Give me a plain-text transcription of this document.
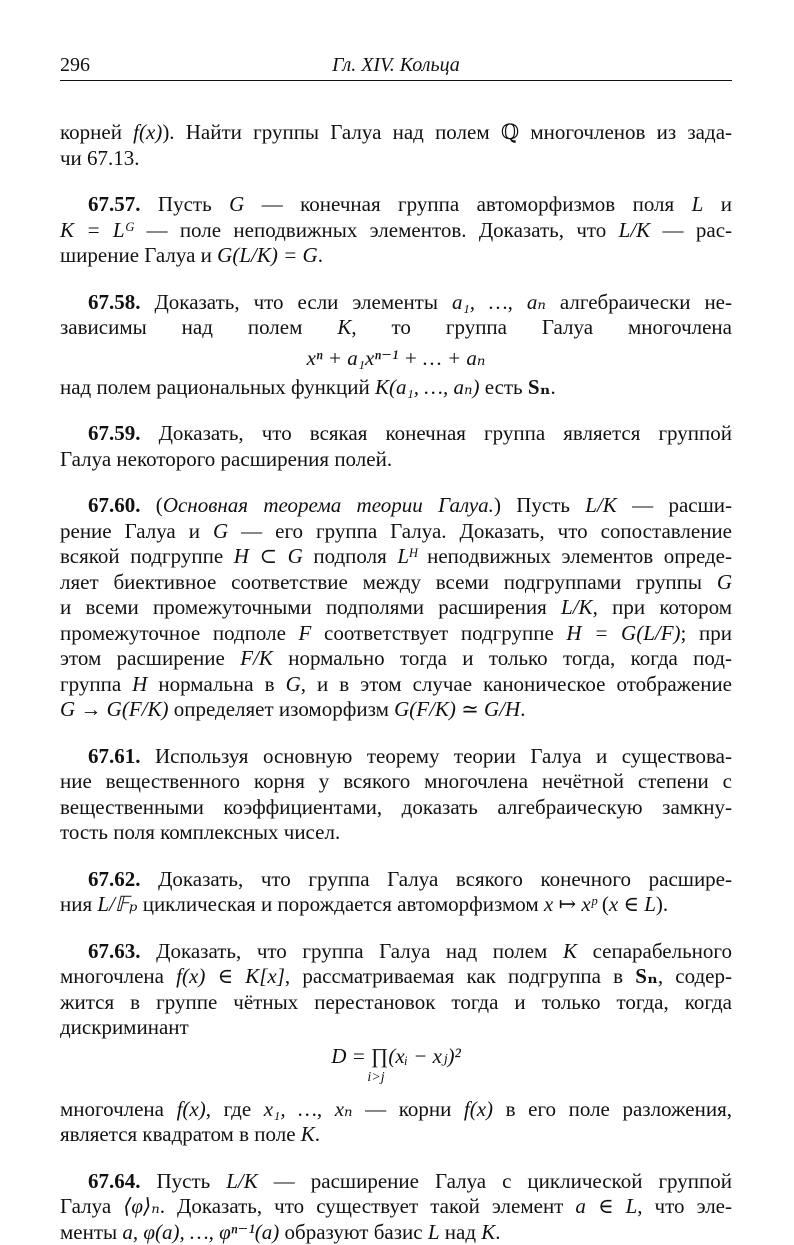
296	Гл. XIV. Кольца
корней f(x)). Найти группы Галуа над полем ℚ многочленов из зада-
чи 67.13.
67.57. Пусть G — конечная группа автоморфизмов поля L и
K = Lᴳ — поле неподвижных элементов. Доказать, что L/K — рас-
ширение Галуа и G(L/K) = G.
67.58. Доказать, что если элементы a₁, …, aₙ алгебраически не-
зависимы над полем K, то группа Галуа многочлена
xⁿ + a₁xⁿ⁻¹ + … + aₙ
над полем рациональных функций K(a₁, …, aₙ) есть Sₙ.
67.59. Доказать, что всякая конечная группа является группой
Галуа некоторого расширения полей.
67.60. (Основная теорема теории Галуа.) Пусть L/K — расши-
рение Галуа и G — его группа Галуа. Доказать, что сопоставление
всякой подгруппе H ⊂ G подполя Lᴴ неподвижных элементов опреде-
ляет биективное соответствие между всеми подгруппами группы G
и всеми промежуточными подполями расширения L/K, при котором
промежуточное подполе F соответствует подгруппе H = G(L/F); при
этом расширение F/K нормально тогда и только тогда, когда под-
группа H нормальна в G, и в этом случае каноническое отображение
G → G(F/K) определяет изоморфизм G(F/K) ≃ G/H.
67.61. Используя основную теорему теории Галуа и существова-
ние вещественного корня у всякого многочлена нечётной степени с
вещественными коэффициентами, доказать алгебраическую замкну-
тость поля комплексных чисел.
67.62. Доказать, что группа Галуа всякого конечного расшире-
ния L/𝔽ₚ циклическая и порождается автоморфизмом x ↦ xᵖ (x ∈ L).
67.63. Доказать, что группа Галуа над полем K сепарабельного
многочлена f(x) ∈ K[x], рассматриваемая как подгруппа в Sₙ, содер-
жится в группе чётных перестановок тогда и только тогда, когда
дискриминант
D = ∏(xᵢ − xⱼ)²
i>j
многочлена f(x), где x₁, …, xₙ — корни f(x) в его поле разложения,
является квадратом в поле K.
67.64. Пусть L/K — расширение Галуа с циклической группой
Галуа ⟨φ⟩ₙ. Доказать, что существует такой элемент a ∈ L, что эле-
менты a, φ(a), …, φⁿ⁻¹(a) образуют базис L над K.
